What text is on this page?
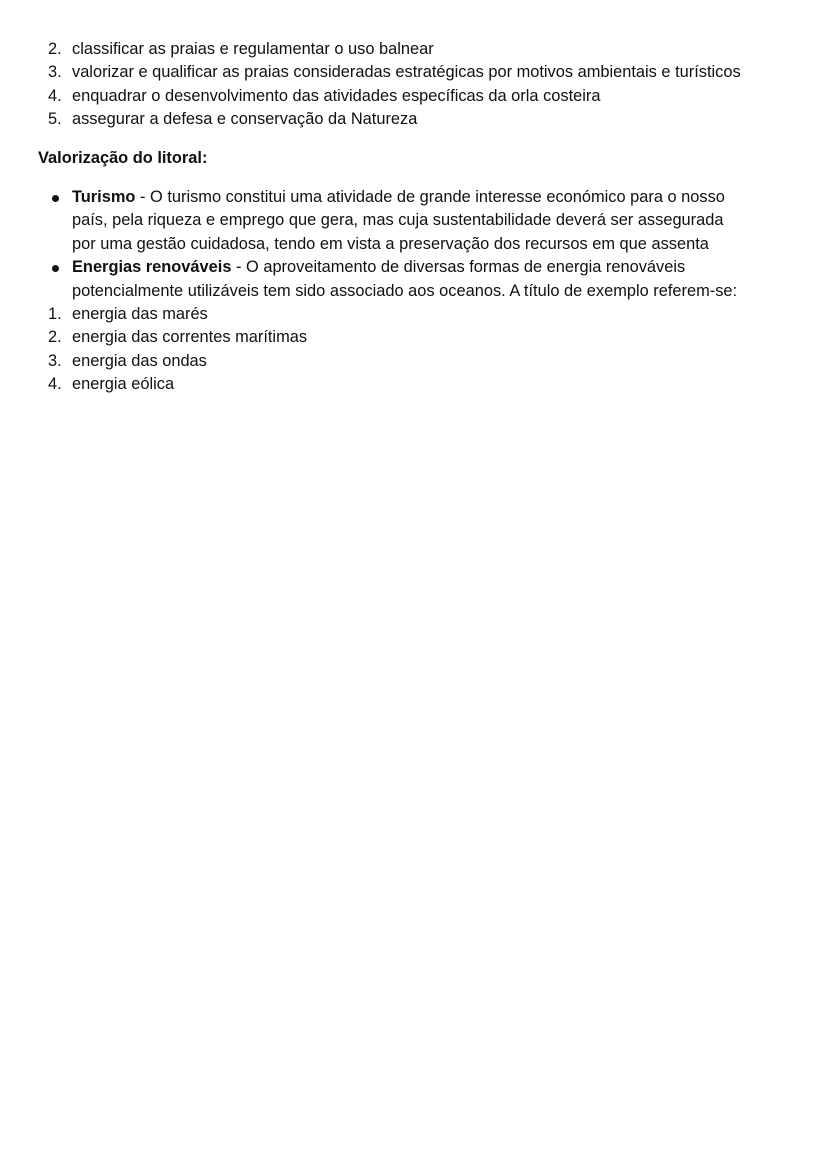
2. classificar as praias e regulamentar o uso balnear
3. valorizar e qualificar as praias consideradas estratégicas por motivos ambientais e turísticos
4. enquadrar o desenvolvimento das atividades específicas da orla costeira
5. assegurar a defesa e conservação da Natureza
Valorização do litoral:
Turismo - O turismo constitui uma atividade de grande interesse económico para o nosso
país, pela riqueza e emprego que gera, mas cuja sustentabilidade deverá ser assegurada
por uma gestão cuidadosa, tendo em vista a preservação dos recursos em que assenta
Energias renováveis - O aproveitamento de diversas formas de energia renováveis
potencialmente utilizáveis tem sido associado aos oceanos. A título de exemplo referem-se:
1. energia das marés
2. energia das correntes marítimas
3. energia das ondas
4. energia eólica
